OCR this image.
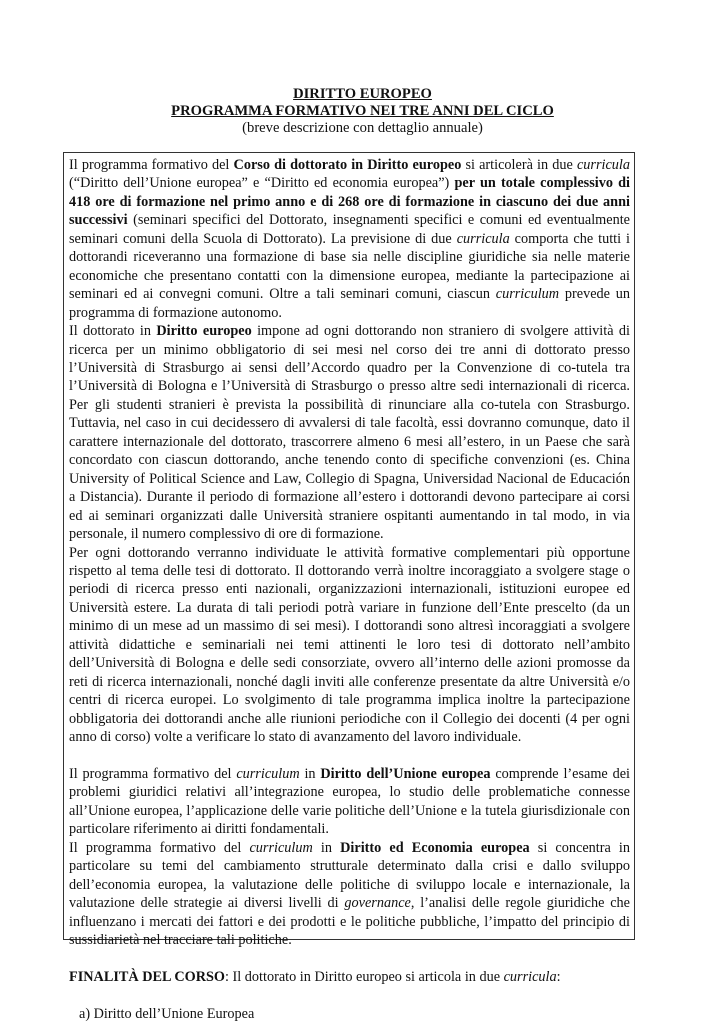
DIRITTO EUROPEO
PROGRAMMA FORMATIVO NEI TRE ANNI DEL CICLO
(breve descrizione con dettaglio annuale)

Il programma formativo del Corso di dottorato in Diritto europeo si articolerà in due curricula (“Diritto dell’Unione europea” e “Diritto ed economia europea”) per un totale complessivo di 418 ore di formazione nel primo anno e di 268 ore di formazione in ciascuno dei due anni successivi (seminari specifici del Dottorato, insegnamenti specifici e comuni ed eventualmente seminari comuni della Scuola di Dottorato). La previsione di due curricula comporta che tutti i dottorandi riceveranno una formazione di base sia nelle discipline giuridiche sia nelle materie economiche che presentano contatti con la dimensione europea, mediante la partecipazione ai seminari ed ai convegni comuni. Oltre a tali seminari comuni, ciascun curriculum prevede un programma di formazione autonomo.

Il dottorato in Diritto europeo impone ad ogni dottorando non straniero di svolgere attività di ricerca per un minimo obbligatorio di sei mesi nel corso dei tre anni di dottorato presso l’Università di Strasburgo ai sensi dell’Accordo quadro per la Convenzione di co-tutela tra l’Università di Bologna e l’Università di Strasburgo o presso altre sedi internazionali di ricerca. Per gli studenti stranieri è prevista la possibilità di rinunciare alla co-tutela con Strasburgo. Tuttavia, nel caso in cui decidessero di avvalersi di tale facoltà, essi dovranno comunque, dato il carattere internazionale del dottorato, trascorrere almeno 6 mesi all’estero, in un Paese che sarà concordato con ciascun dottorando, anche tenendo conto di specifiche convenzioni (es. China University of Political Science and Law, Collegio di Spagna, Universidad Nacional de Educación a Distancia). Durante il periodo di formazione all’estero i dottorandi devono partecipare ai corsi ed ai seminari organizzati dalle Università straniere ospitanti aumentando in tal modo, in via personale, il numero complessivo di ore di formazione.

Per ogni dottorando verranno individuate le attività formative complementari più opportune rispetto al tema delle tesi di dottorato. Il dottorando verrà inoltre incoraggiato a svolgere stage o periodi di ricerca presso enti nazionali, organizzazioni internazionali, istituzioni europee ed Università estere. La durata di tali periodi potrà variare in funzione dell’Ente prescelto (da un minimo di un mese ad un massimo di sei mesi). I dottorandi sono altresì incoraggiati a svolgere attività didattiche e seminariali nei temi attinenti le loro tesi di dottorato nell’ambito dell’Università di Bologna e delle sedi consorziate, ovvero all’interno delle azioni promosse da reti di ricerca internazionali, nonché dagli inviti alle conferenze presentate da altre Università e/o centri di ricerca europei. Lo svolgimento di tale programma implica inoltre la partecipazione obbligatoria dei dottorandi anche alle riunioni periodiche con il Collegio dei docenti (4 per ogni anno di corso) volte a verificare lo stato di avanzamento del lavoro individuale.

Il programma formativo del curriculum in Diritto dell’Unione europea comprende l’esame dei problemi giuridici relativi all’integrazione europea, lo studio delle problematiche connesse all’Unione europea, l’applicazione delle varie politiche dell’Unione e la tutela giurisdizionale con particolare riferimento ai diritti fondamentali.

Il programma formativo del curriculum in Diritto ed Economia europea si concentra in particolare su temi del cambiamento strutturale determinato dalla crisi e dallo sviluppo dell’economia europea, la valutazione delle politiche di sviluppo locale e internazionale, la valutazione delle strategie ai diversi livelli di governance, l’analisi delle regole giuridiche che influenzano i mercati dei fattori e dei prodotti e le politiche pubbliche, l’impatto del principio di sussidiarietà nel tracciare tali politiche.

FINALITÀ DEL CORSO: Il dottorato in Diritto europeo si articola in due curricula:

a) Diritto dell’Unione Europea
